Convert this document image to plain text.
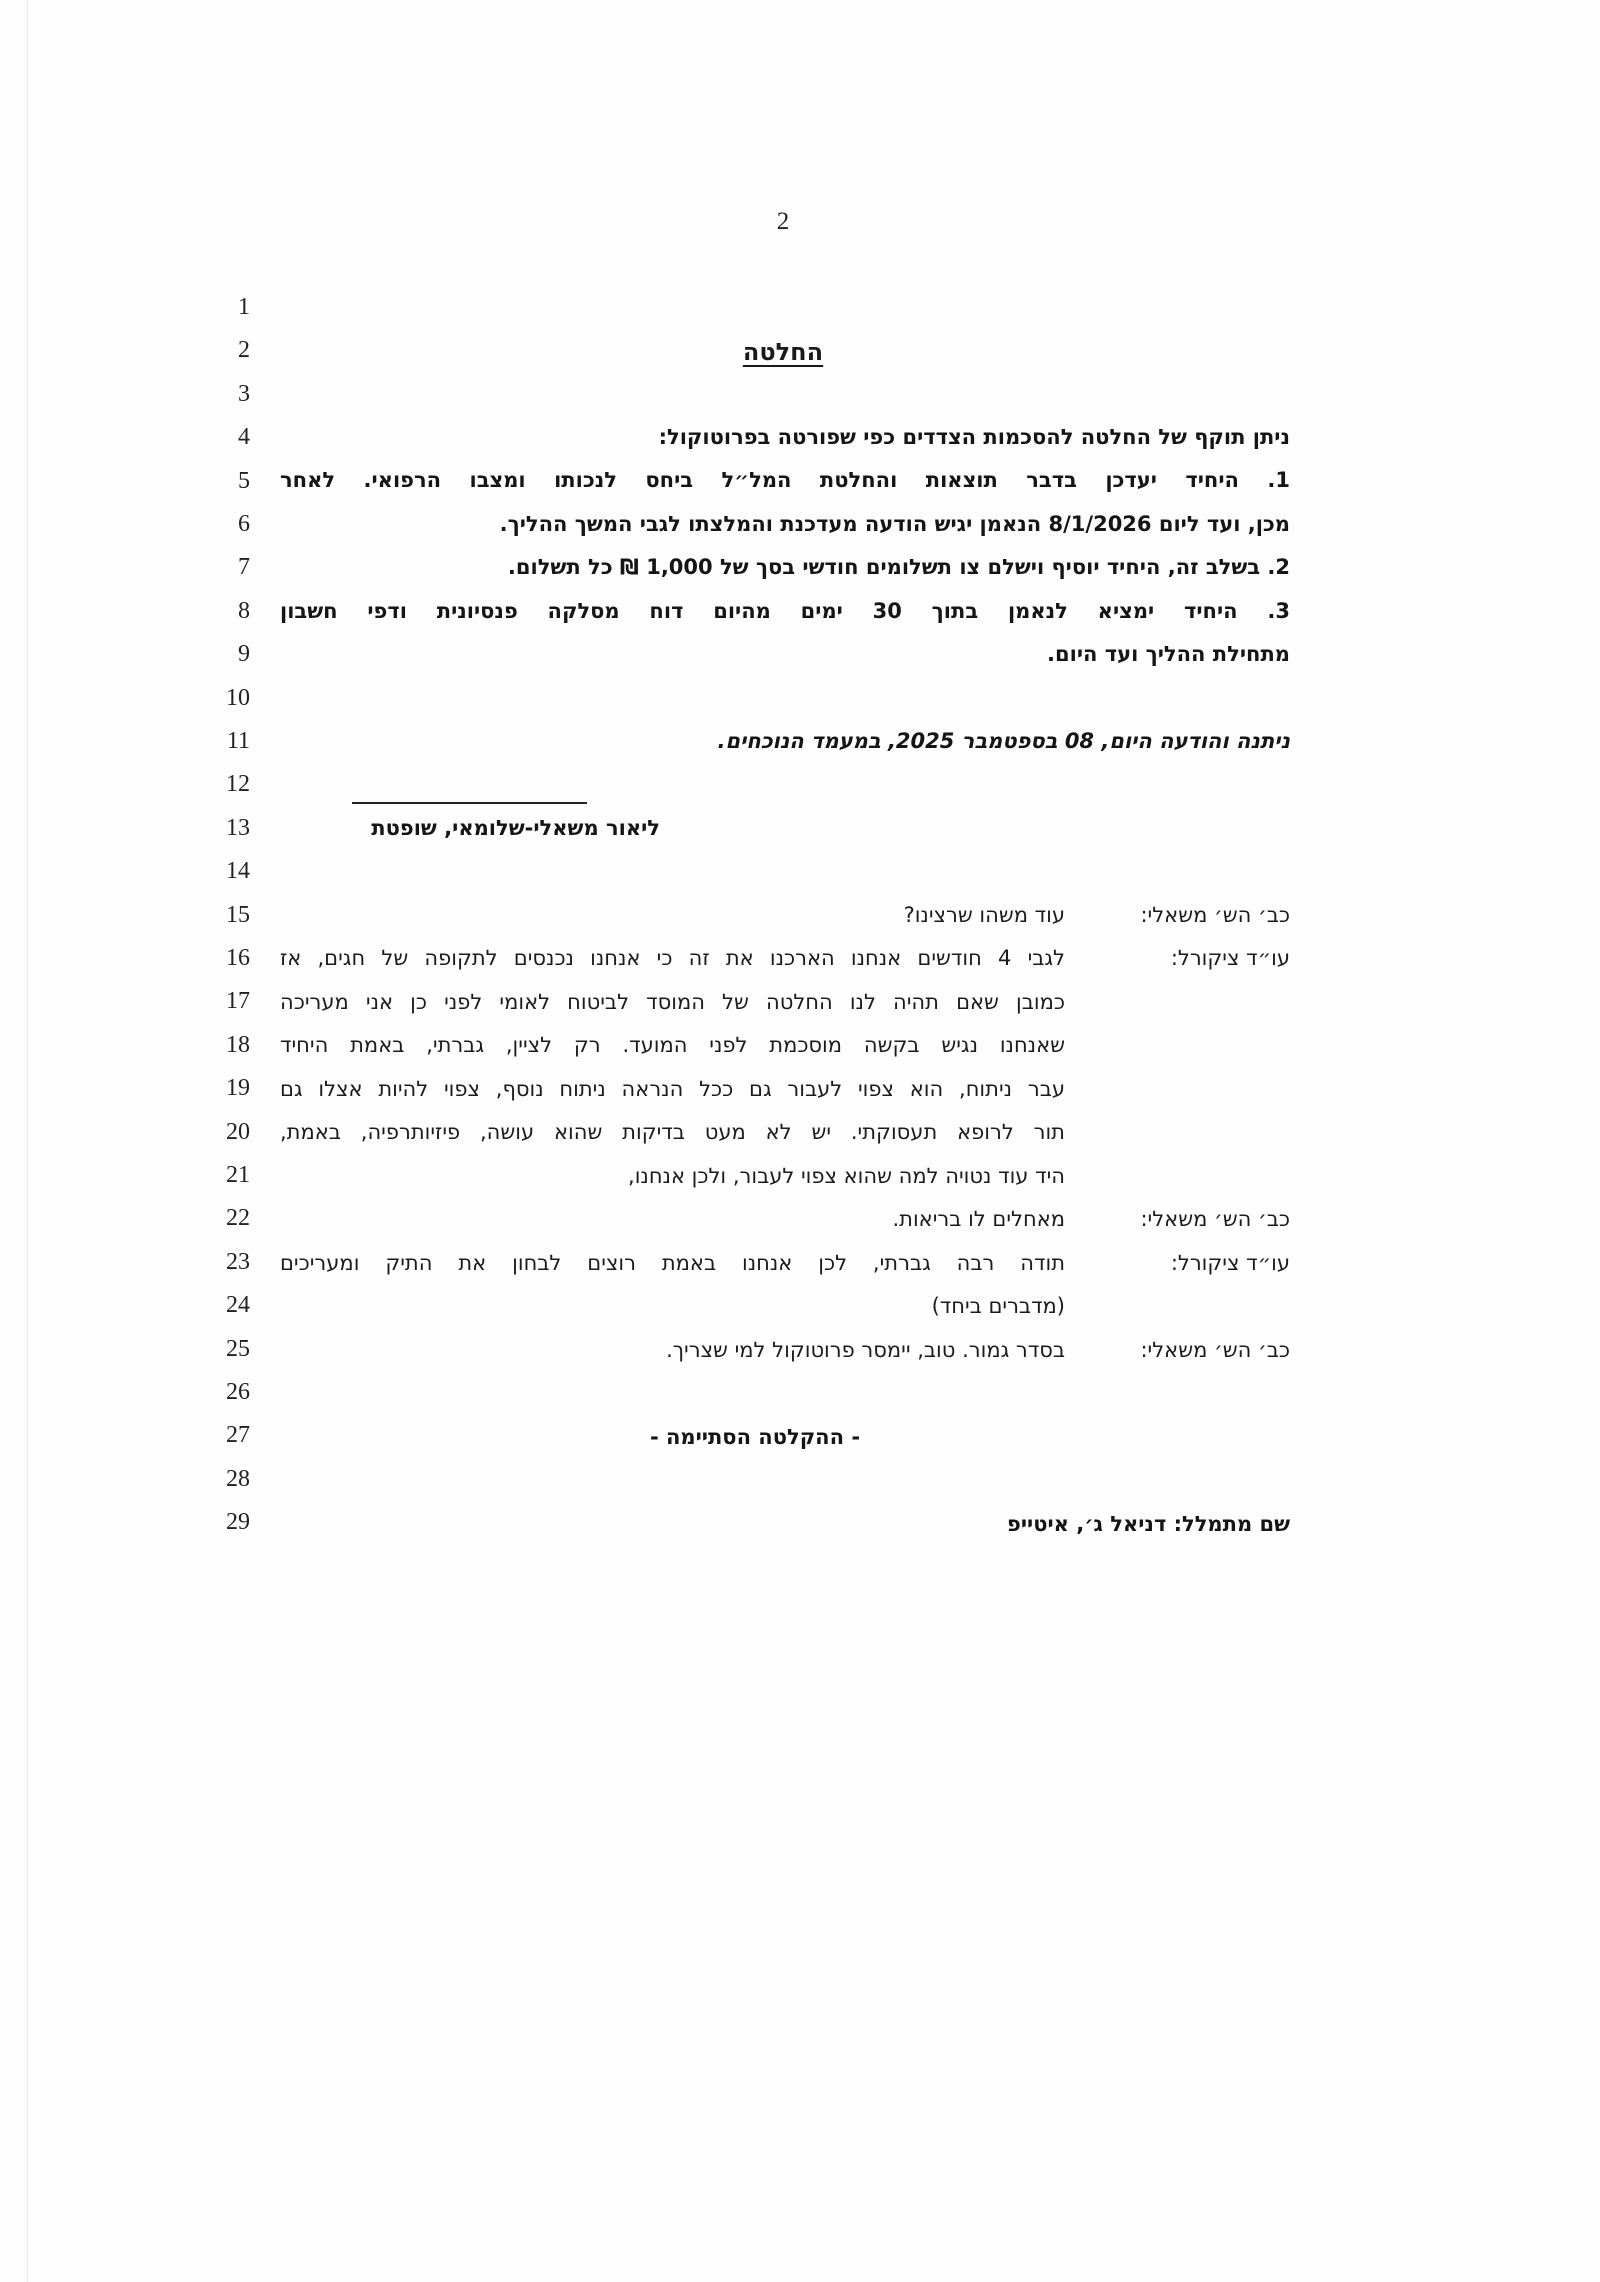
2
1
2
3
4
5
6
7
8
9
10
11
12
13
14
15
16
17
18
19
20
21
22
23
24
25
26
27
28
29
החלטה
ניתן תוקף של החלטה להסכמות הצדדים כפי שפורטה בפרוטוקול:
1. היחיד יעדכן בדבר תוצאות והחלטת המל״ל ביחס לנכותו ומצבו הרפואי. לאחר
מכן, ועד ליום 8/1/2026 הנאמן יגיש הודעה מעדכנת והמלצתו לגבי המשך ההליך.
2. בשלב זה, היחיד יוסיף וישלם צו תשלומים חודשי בסך של 1,000 ₪ כל תשלום.
3. היחיד ימציא לנאמן בתוך 30 ימים מהיום דוח מסלקה פנסיונית ודפי חשבון
מתחילת ההליך ועד היום.
ניתנה והודעה היום, 08 בספטמבר 2025, במעמד הנוכחים.
ליאור משאלי-שלומאי, שופטת
כב׳ הש׳ משאלי:
עוד משהו שרצינו?
עו״ד ציקורל:
לגבי 4 חודשים אנחנו הארכנו את זה כי אנחנו נכנסים לתקופה של חגים, אז
כמובן שאם תהיה לנו החלטה של המוסד לביטוח לאומי לפני כן אני מעריכה
שאנחנו נגיש בקשה מוסכמת לפני המועד. רק לציין, גברתי, באמת היחיד
עבר ניתוח, הוא צפוי לעבור גם ככל הנראה ניתוח נוסף, צפוי להיות אצלו גם
תור לרופא תעסוקתי. יש לא מעט בדיקות שהוא עושה, פיזיותרפיה, באמת,
היד עוד נטויה למה שהוא צפוי לעבור, ולכן אנחנו,
כב׳ הש׳ משאלי:
מאחלים לו בריאות.
עו״ד ציקורל:
תודה רבה גברתי, לכן אנחנו באמת רוצים לבחון את התיק ומעריכים
(מדברים ביחד)
כב׳ הש׳ משאלי:
בסדר גמור. טוב, יימסר פרוטוקול למי שצריך.
- ההקלטה הסתיימה -
שם מתמלל: דניאל ג׳, איטייפ
